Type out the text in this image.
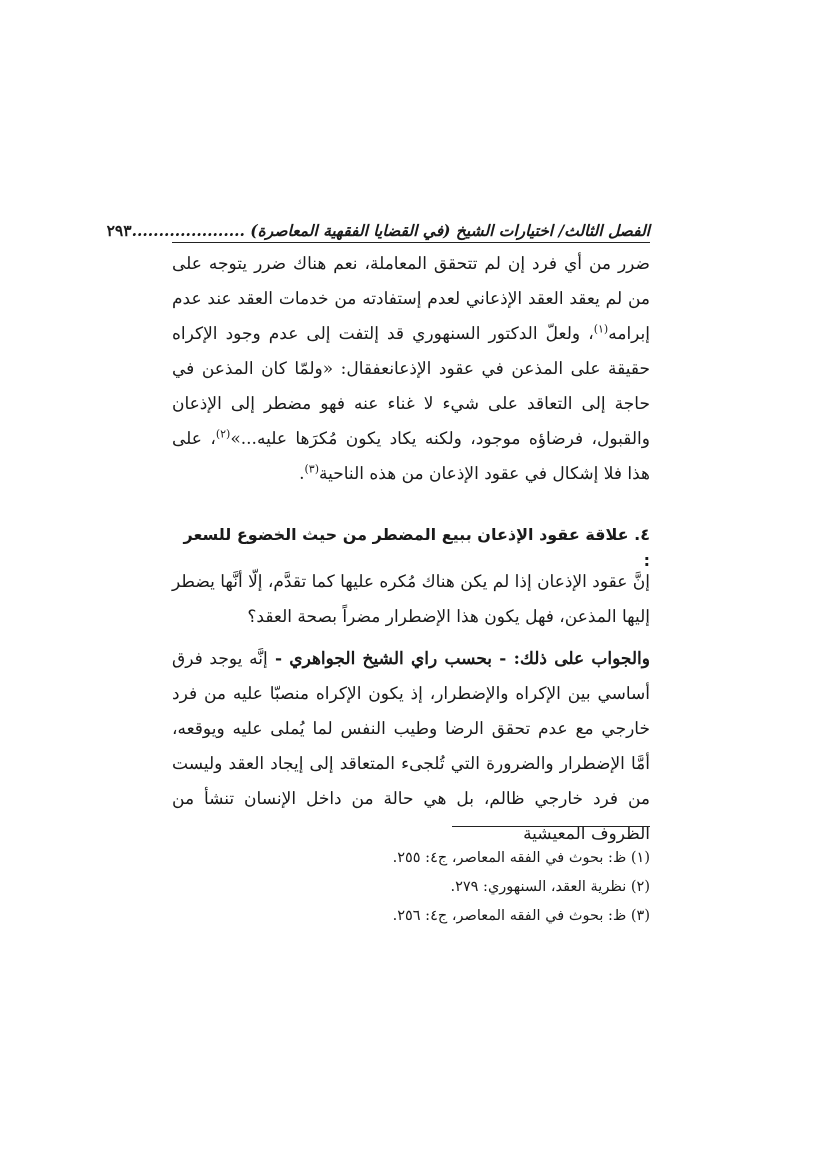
الفصل الثالث/ اختيارات الشيخ (في القضايا الفقهية المعاصرة) .....................
٢٩٣
ضرر من أي فرد إن لم تتحقق المعاملة، نعم هناك ضرر يتوجه على من لم يعقد العقد الإذعاني لعدم إستفادته من خدمات العقد عند عدم إبرامه$^{(١)}$، ولعلّ الدكتور السنهوري قد إلتفت إلى عدم وجود الإكراه حقيقة على المذعن في عقود الإذعانعفقال: «ولمّا كان المذعن في حاجة إلى التعاقد على شيء لا غناء عنه فهو مضطر إلى الإذعان والقبول، فرضاؤه موجود، ولكنه يكاد يكون مُكرَها عليه...»$^{(٢)}$، على هذا فلا إشكال في عقود الإذعان من هذه الناحية$^{(٣)}$.
٤. علاقة عقود الإذعان ببيع المضطر من حيث الخضوع للسعر :
إنَّ عقود الإذعان إذا لم يكن هناك مُكره عليها كما تقدَّم، إلّا أنَّها يضطر إليها المذعن، فهل يكون هذا الإضطرار مضراً بصحة العقد؟
والجواب على ذلك: - بحسب راي الشيخ الجواهري - إنَّه يوجد فرق أساسي بين الإكراه والإضطرار، إذ يكون الإكراه منصبّا عليه من فرد خارجي مع عدم تحقق الرضا وطيب النفس لما يُملى عليه ويوقعه، أمَّا الإضطرار والضرورة التي تُلجىء المتعاقد إلى إيجاد العقد وليست من فرد خارجي ظالم، بل هي حالة من داخل الإنسان تنشأ من الظروف المعيشية
(١) ظ: بحوث في الفقه المعاصر، ج٤: ٢٥٥.
(٢) نظرية العقد، السنهوري: ٢٧٩.
(٣) ظ: بحوث في الفقه المعاصر، ج٤: ٢٥٦.
